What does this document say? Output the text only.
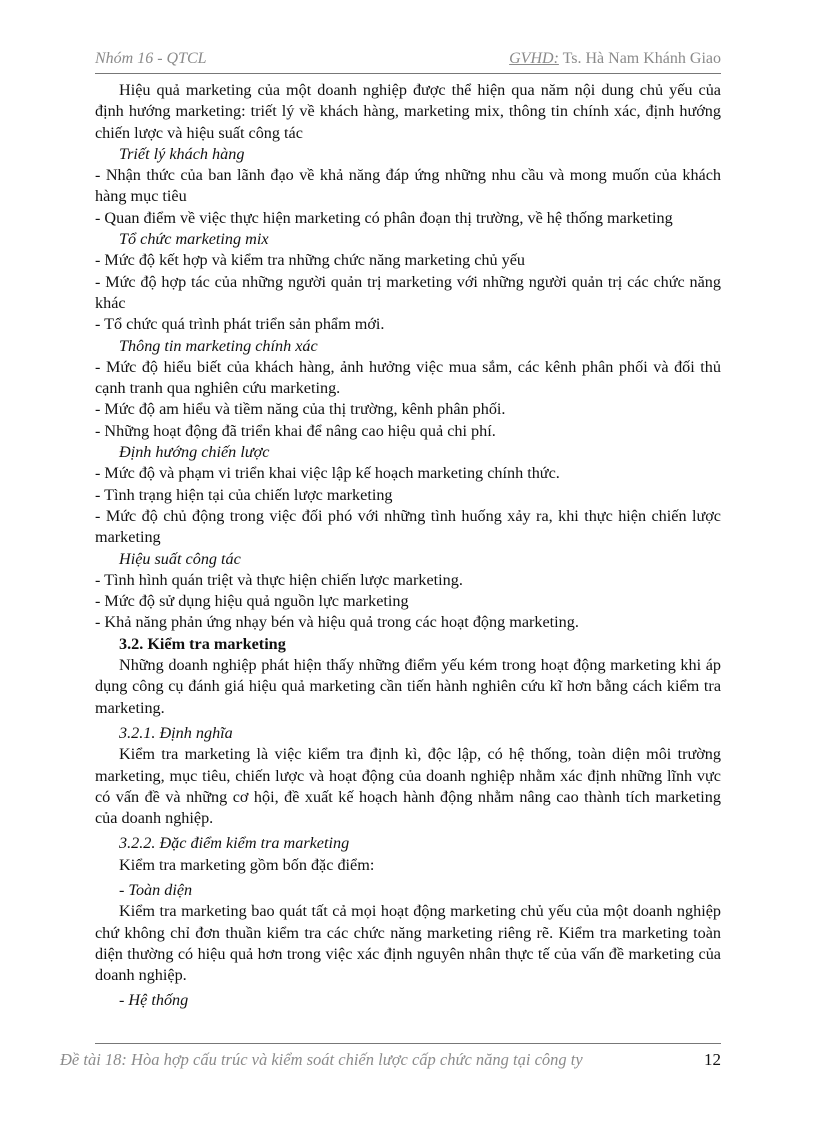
Nhóm 16 - QTCL	GVHD: Ts. Hà Nam Khánh Giao

Hiệu quả marketing của một doanh nghiệp được thể hiện qua năm nội dung chủ yếu của định hướng marketing: triết lý về khách hàng, marketing mix, thông tin chính xác, định hướng chiến lược và hiệu suất công tác

Triết lý khách hàng

- Nhận thức của ban lãnh đạo về khả năng đáp ứng những nhu cầu và mong muốn của khách hàng mục tiêu

- Quan điểm về việc thực hiện marketing có phân đoạn thị trường, về hệ thống marketing

Tổ chức marketing mix

- Mức độ kết hợp và kiểm tra những chức năng marketing chủ yếu

- Mức độ hợp tác của những người quản trị marketing với những người quản trị các chức năng khác

- Tổ chức quá trình phát triển sản phẩm mới.

Thông tin marketing chính xác

- Mức độ hiểu biết của khách hàng, ảnh hưởng việc mua sắm, các kênh phân phối và đối thủ cạnh tranh qua nghiên cứu marketing.

- Mức độ am hiểu và tiềm năng của thị trường, kênh phân phối.

- Những hoạt động đã triển khai để nâng cao hiệu quả chi phí.

Định hướng chiến lược

- Mức độ và phạm vi triển khai việc lập kế hoạch marketing chính thức.

- Tình trạng hiện tại của chiến lược marketing

- Mức độ chủ động trong việc đối phó với những tình huống xảy ra, khi thực hiện chiến lược marketing

Hiệu suất công tác

- Tình hình quán triệt và thực hiện chiến lược marketing.

- Mức độ sử dụng hiệu quả nguồn lực marketing

- Khả năng phản ứng nhạy bén và hiệu quả trong các hoạt động marketing.

3.2. Kiểm tra marketing

Những doanh nghiệp phát hiện thấy những điểm yếu kém trong hoạt động marketing khi áp dụng công cụ đánh giá hiệu quả marketing cần tiến hành nghiên cứu kĩ hơn bằng cách kiểm tra marketing.

3.2.1. Định nghĩa

Kiểm tra marketing là việc kiểm tra định kì, độc lập, có hệ thống, toàn diện môi trường marketing, mục tiêu, chiến lược và hoạt động của doanh nghiệp nhằm xác định những lĩnh vực có vấn đề và những cơ hội, đề xuất kế hoạch hành động nhằm nâng cao thành tích marketing của doanh nghiệp.

3.2.2. Đặc điểm kiểm tra marketing

Kiểm tra marketing gồm bốn đặc điểm:

- Toàn diện

Kiểm tra marketing bao quát tất cả mọi hoạt động marketing chủ yếu của một doanh nghiệp chứ không chỉ đơn thuần kiểm tra các chức năng marketing riêng rẽ. Kiểm tra marketing toàn diện thường có hiệu quả hơn trong việc xác định nguyên nhân thực tế của vấn đề marketing của doanh nghiệp.

- Hệ thống

Đề tài 18: Hòa hợp cấu trúc và kiểm soát chiến lược cấp chức năng tại công ty	12
